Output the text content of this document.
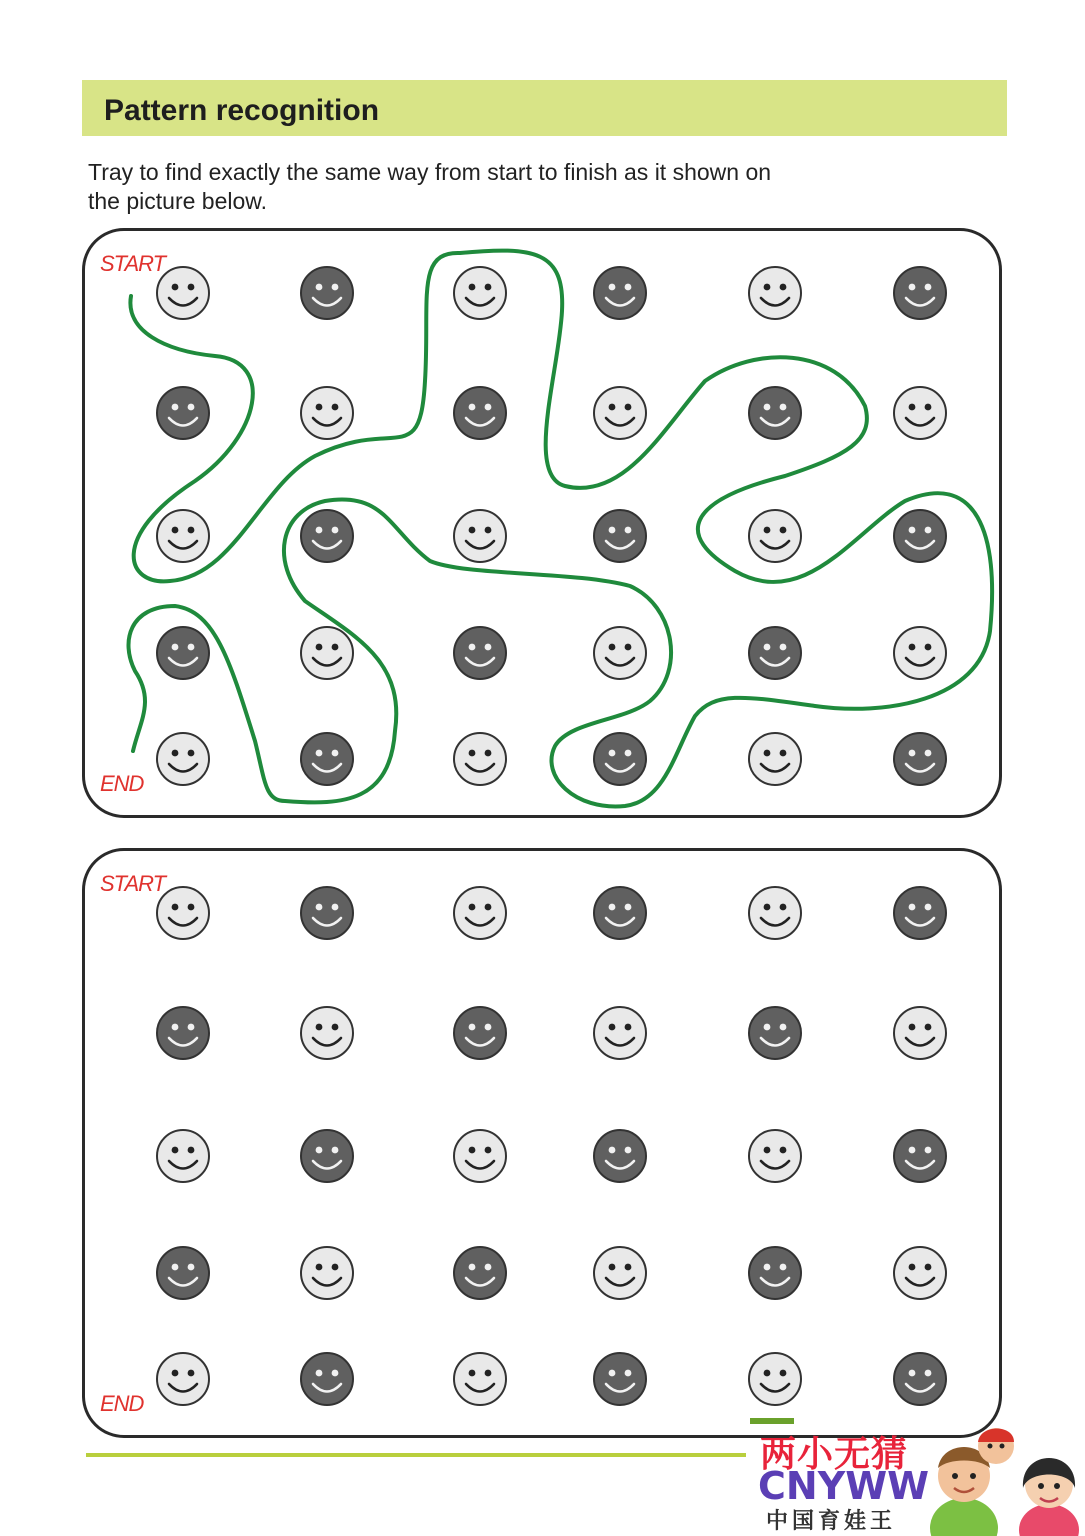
Pattern recognition
Tray to find exactly the same way from start to finish as it shown on
the picture below.
START
END
START
END
两小无猜
CNYWW
中国育娃王
